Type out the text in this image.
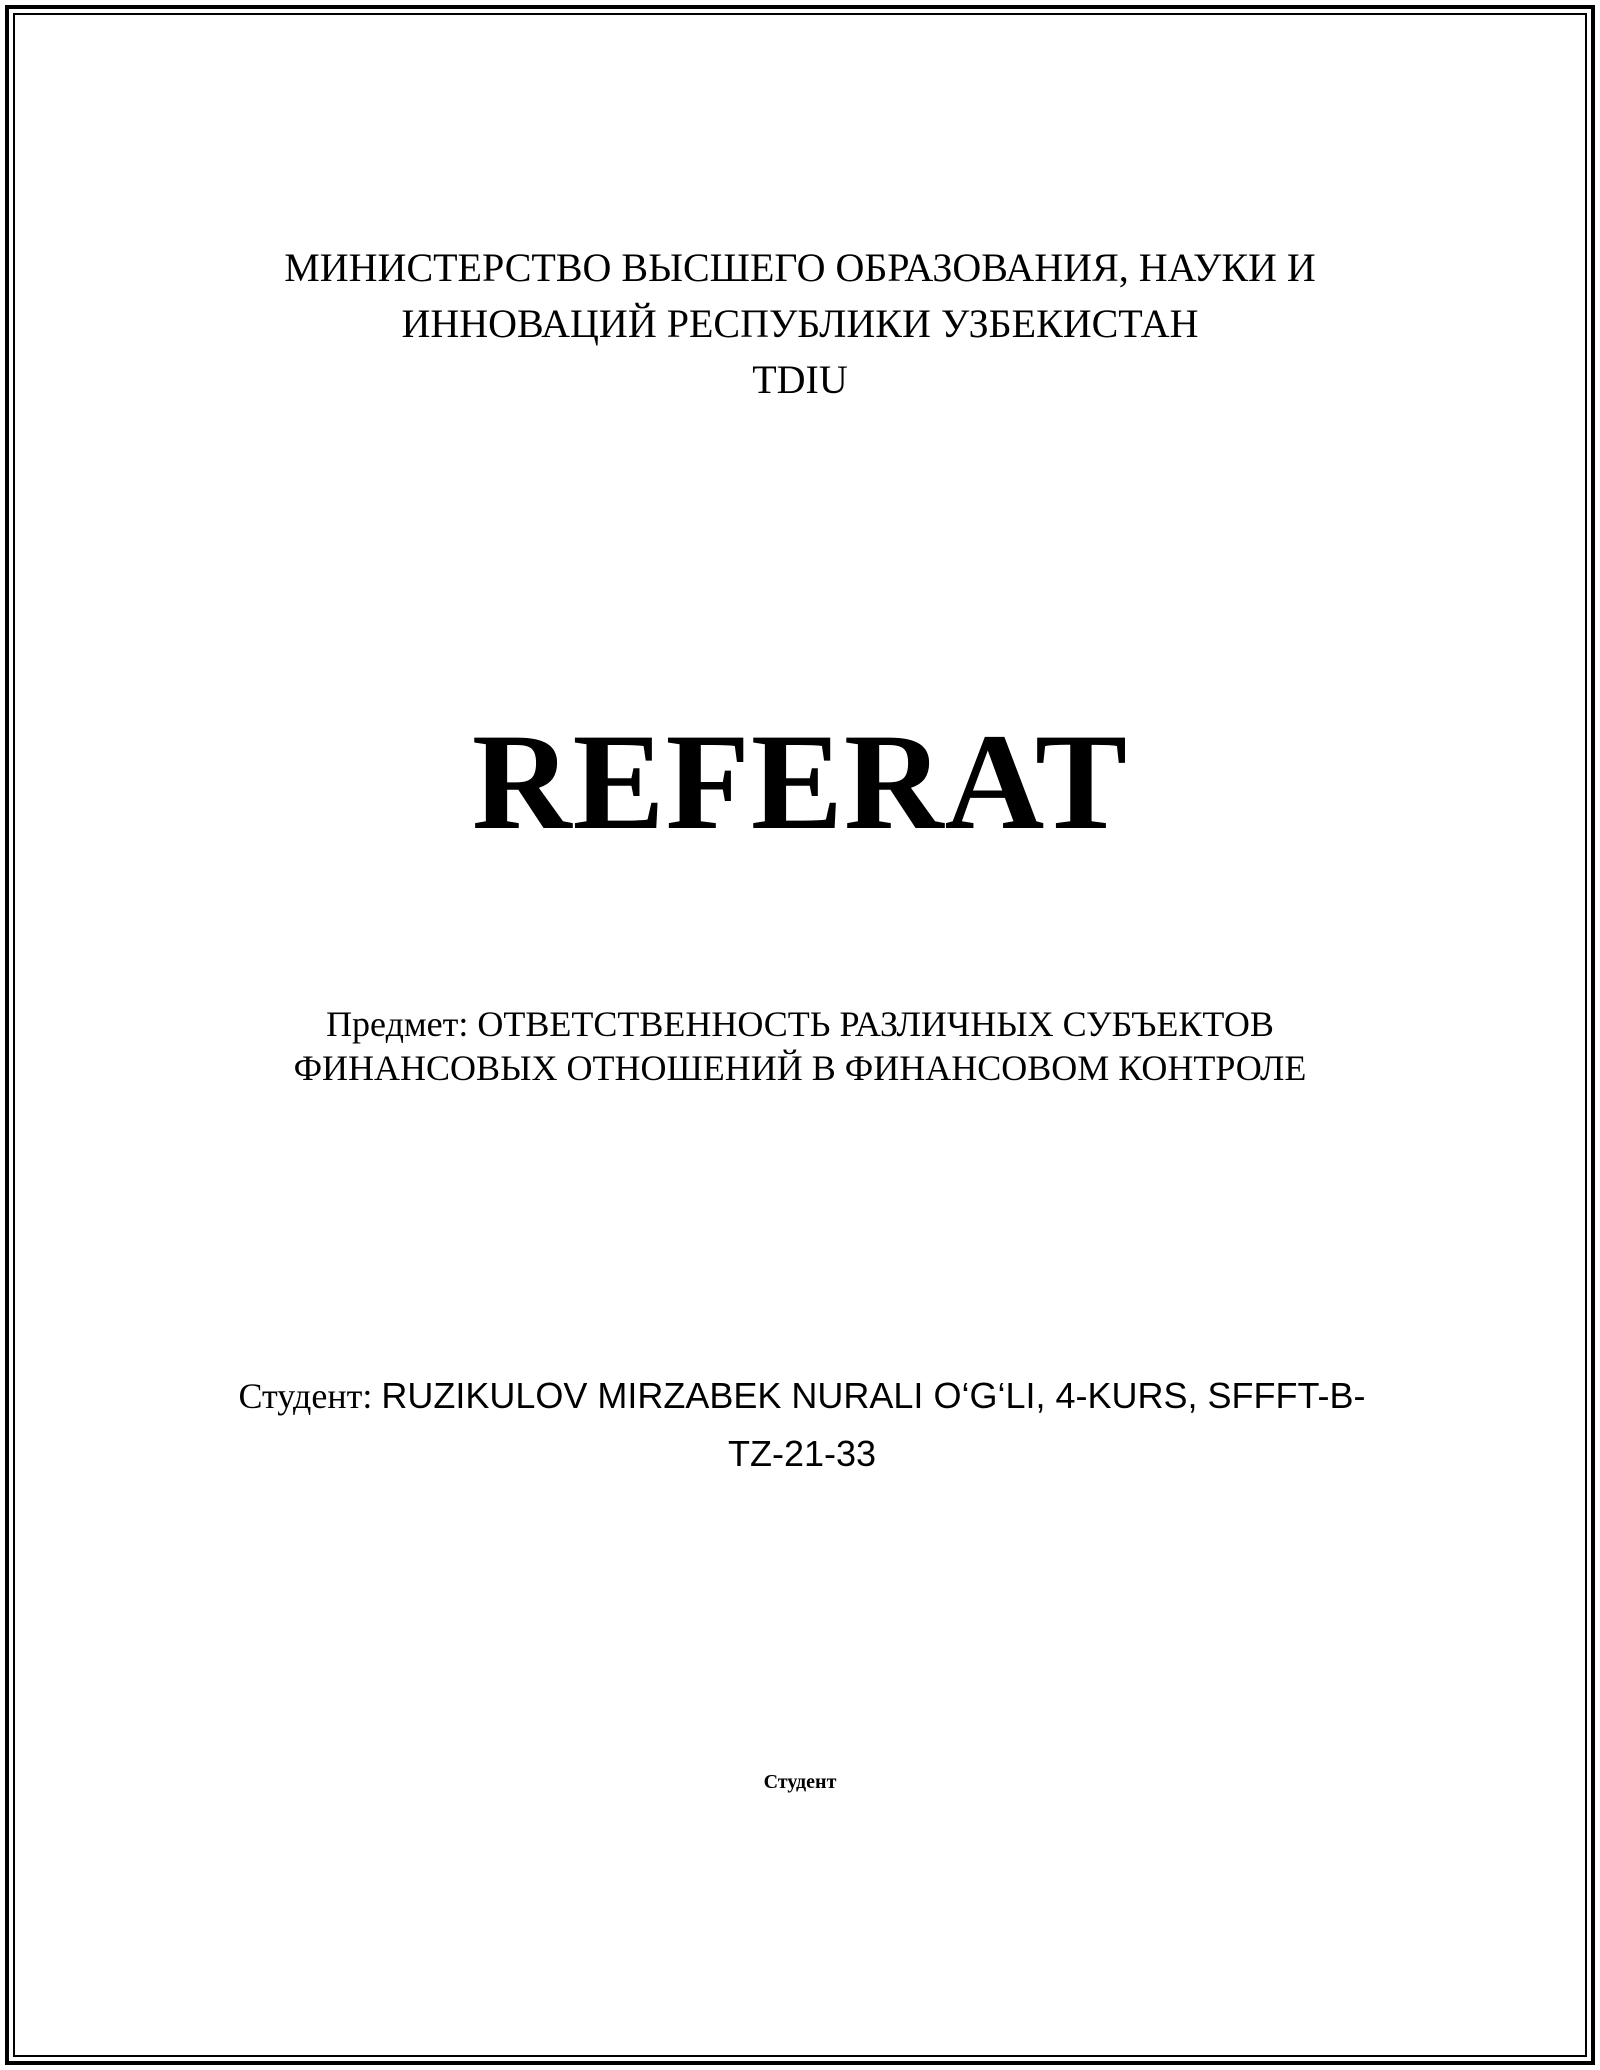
МИНИСТЕРСТВО ВЫСШЕГО ОБРАЗОВАНИЯ, НАУКИ И
ИННОВАЦИЙ РЕСПУБЛИКИ УЗБЕКИСТАН
TDIU
REFERAT
Предмет: ОТВЕТСТВЕННОСТЬ РАЗЛИЧНЫХ СУБЪЕКТОВ ФИНАНСОВЫХ ОТНОШЕНИЙ В ФИНАНСОВОМ КОНТРОЛЕ
Студент: RUZIKULOV MIRZABEK NURALI O‘G‘LI, 4-KURS, SFFFT-B-TZ-21-33
Студент
